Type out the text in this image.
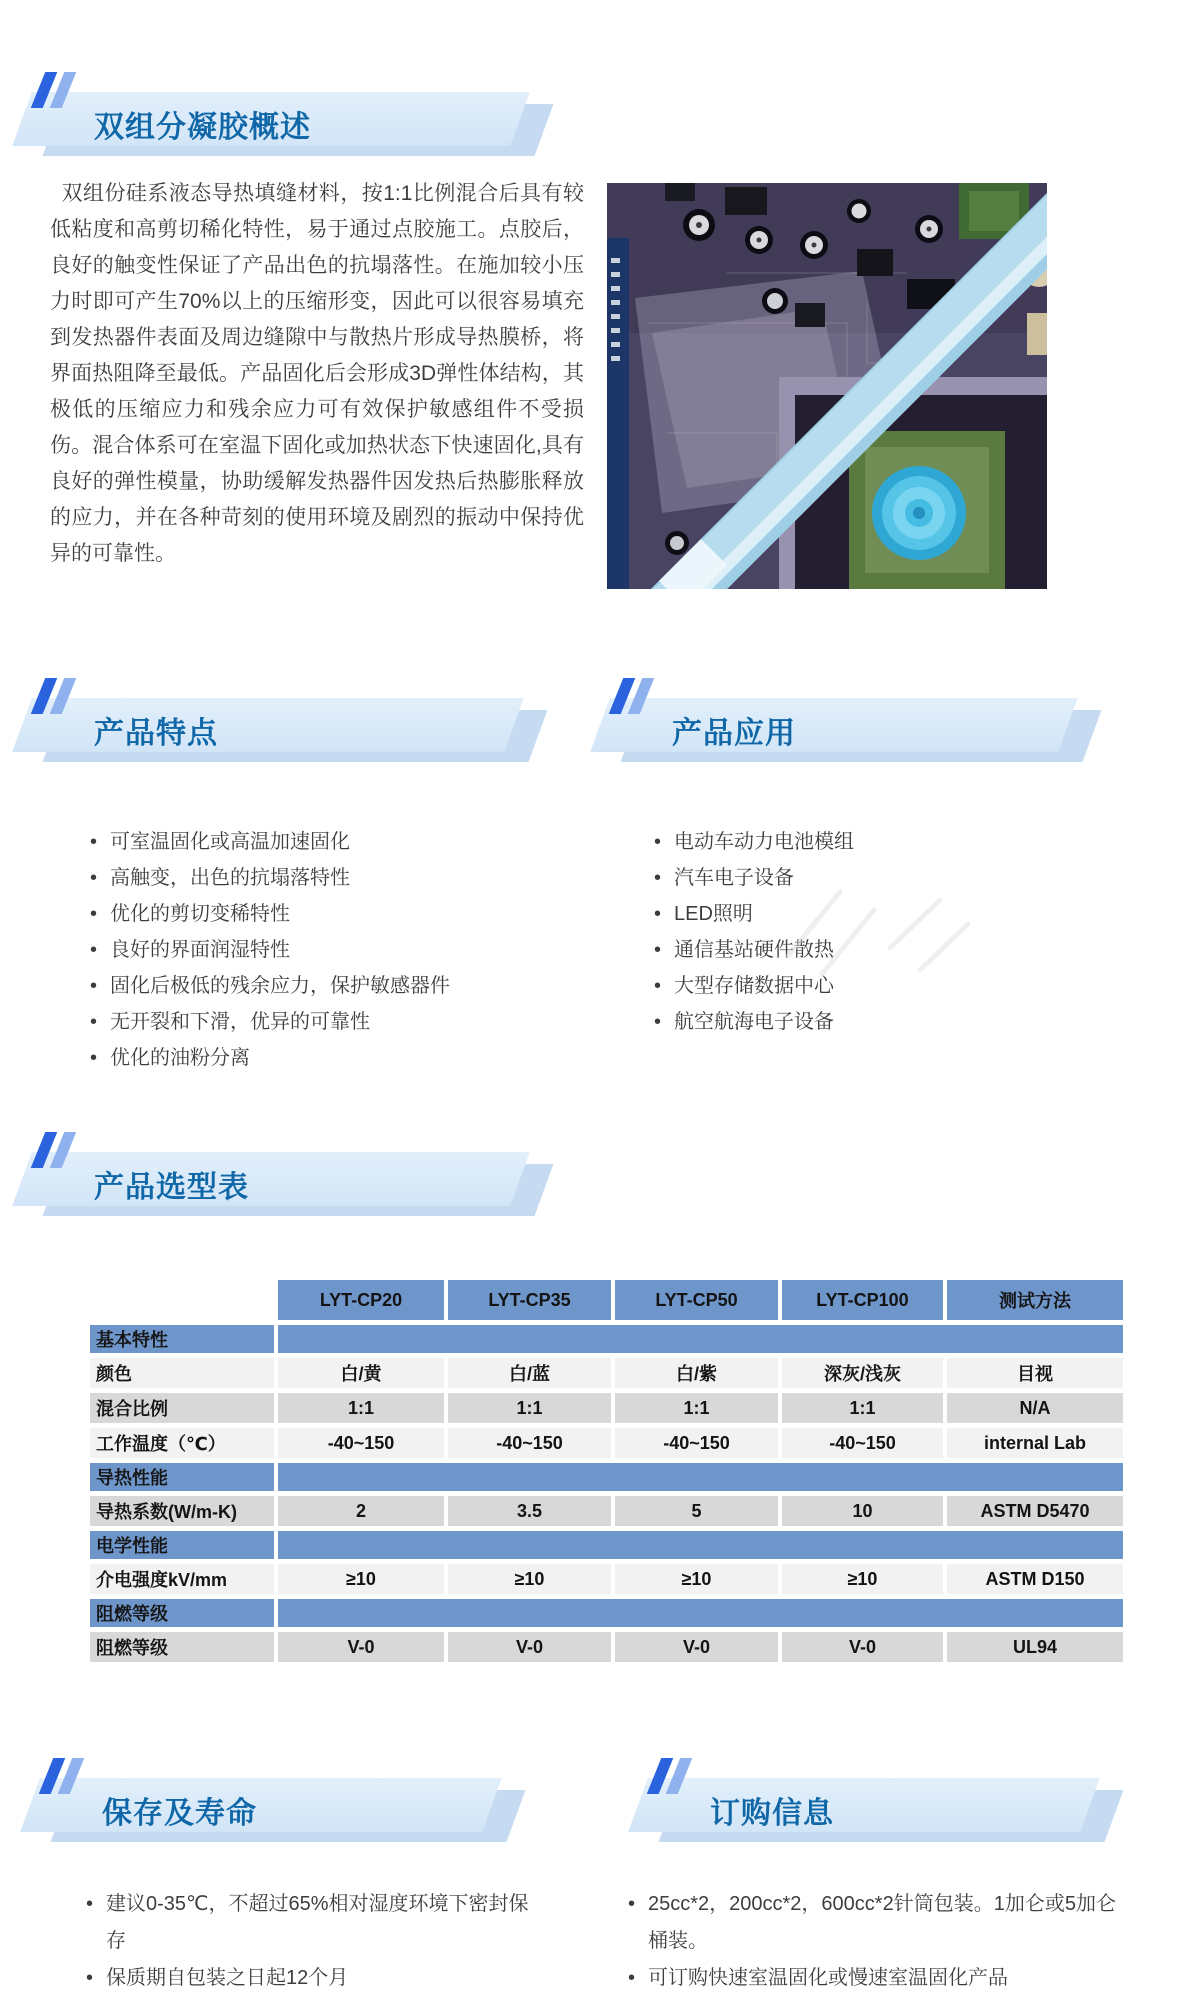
双组分凝胶概述

双组份硅系液态导热填缝材料，按1:1比例混合后具有较低粘度和高剪切稀化特性，易于通过点胶施工。点胶后，良好的触变性保证了产品出色的抗塌落性。在施加较小压力时即可产生70%以上的压缩形变，因此可以很容易填充到发热器件表面及周边缝隙中与散热片形成导热膜桥，将界面热阻降至最低。产品固化后会形成3D弹性体结构，其极低的压缩应力和残余应力可有效保护敏感组件不受损伤。混合体系可在室温下固化或加热状态下快速固化,具有良好的弹性模量，协助缓解发热器件因发热后热膨胀释放的应力，并在各种苛刻的使用环境及剧烈的振动中保持优异的可靠性。

产品特点	产品应用
• 可室温固化或高温加速固化
• 高触变，出色的抗塌落特性
• 优化的剪切变稀特性
• 良好的界面润湿特性
• 固化后极低的残余应力，保护敏感器件
• 无开裂和下滑，优异的可靠性
• 优化的油粉分离
• 电动车动力电池模组
• 汽车电子设备
• LED照明
• 通信基站硬件散热
• 大型存储数据中心
• 航空航海电子设备
产品选型表
	LYT-CP20	LYT-CP35	LYT-CP50	LYT-CP100	测试方法
基本特性					
颜色	白/黄	白/蓝	白/紫	深灰/浅灰	目视
混合比例	1:1	1:1	1:1	1:1	N/A
工作温度（℃）	-40~150	-40~150	-40~150	-40~150	internal Lab
导热性能					
导热系数(W/m-K)	2	3.5	5	10	ASTM D5470
电学性能					
介电强度kV/mm	≥10	≥10	≥10	≥10	ASTM D150
阻燃等级					
阻燃等级	V-0	V-0	V-0	V-0	UL94
保存及寿命	订购信息
• 建议0-35℃，不超过65%相对湿度环境下密封保存
• 保质期自包装之日起12个月
• 25cc*2，200cc*2，600cc*2针筒包装。1加仑或5加仑桶装。
• 可订购快速室温固化或慢速室温固化产品
